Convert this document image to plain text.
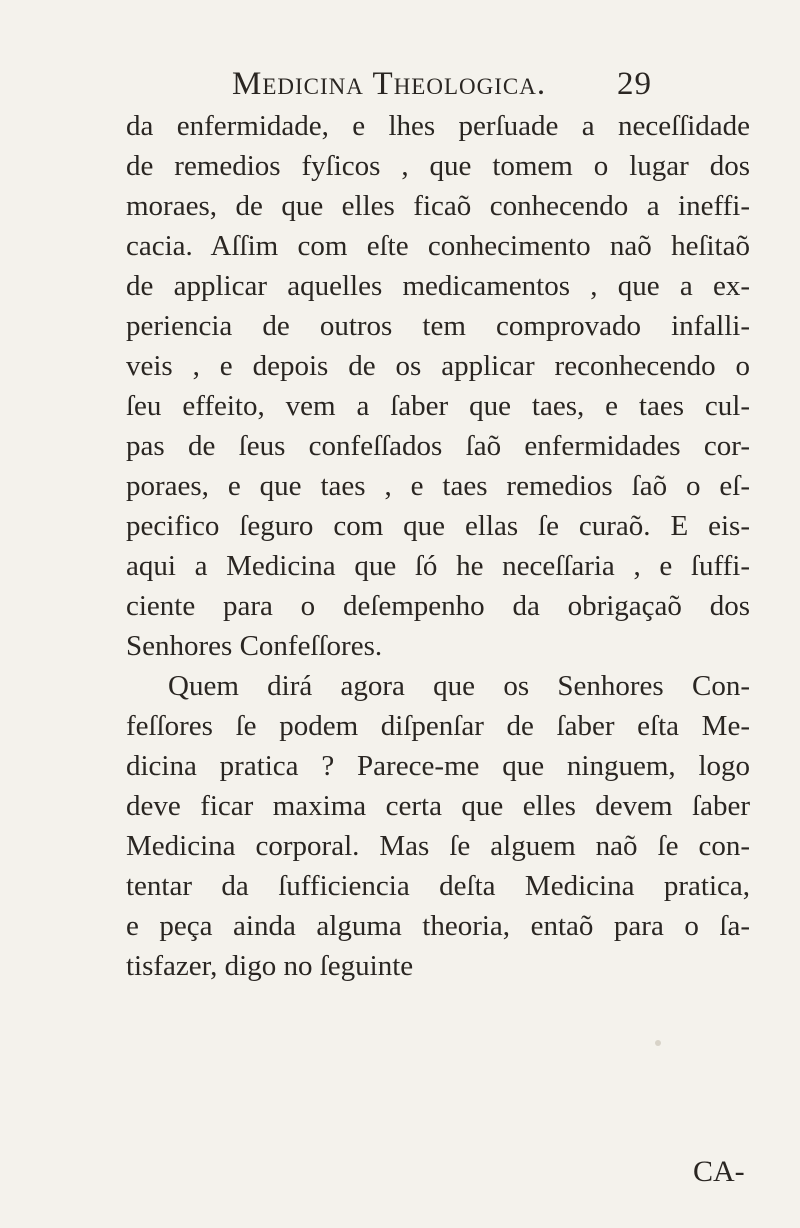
Medicina Theologica. 29
da enfermidade, e lhes perſuade a neceſſidade
de remedios fyſicos , que tomem o lugar dos
moraes, de que elles ficaõ conhecendo a ineffi-
cacia. Aſſim com eſte conhecimento naõ heſitaõ
de applicar aquelles medicamentos , que a ex-
periencia de outros tem comprovado infalli-
veis , e depois de os applicar reconhecendo o
ſeu effeito, vem a ſaber que taes, e taes cul-
pas de ſeus confeſſados ſaõ enfermidades cor-
poraes, e que taes , e taes remedios ſaõ o eſ-
pecifico ſeguro com que ellas ſe curaõ. E eis-
aqui a Medicina que ſó he neceſſaria , e ſuffi-
ciente para o deſempenho da obrigaçaõ dos
Senhores Confeſſores.
Quem dirá agora que os Senhores Con-
feſſores ſe podem diſpenſar de ſaber eſta Me-
dicina pratica ? Parece-me que ninguem, logo
deve ficar maxima certa que elles devem ſaber
Medicina corporal. Mas ſe alguem naõ ſe con-
tentar da ſufficiencia deſta Medicina pratica,
e peça ainda alguma theoria, entaõ para o ſa-
tisfazer, digo no ſeguinte
CA-
